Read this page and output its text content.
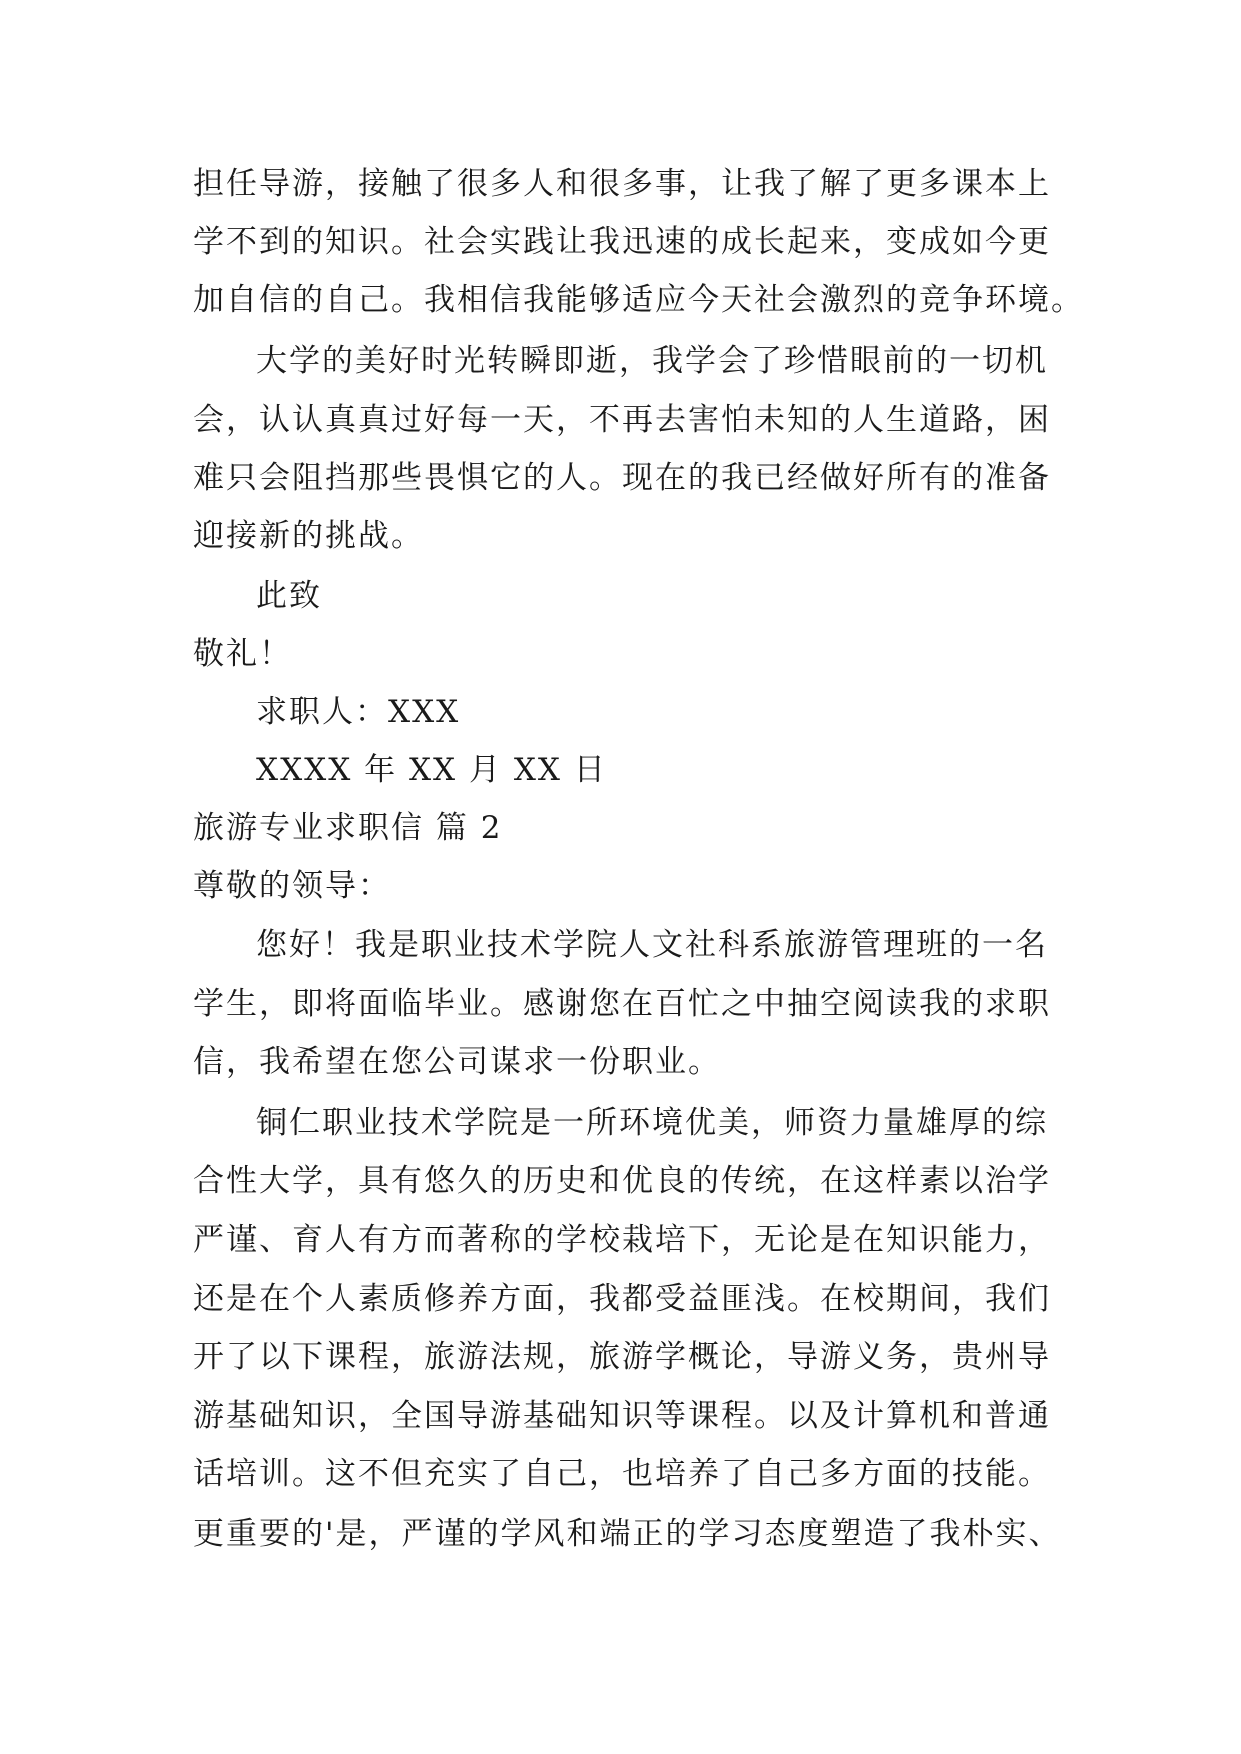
担任导游，接触了很多人和很多事，让我了解了更多课本上
学不到的知识。社会实践让我迅速的成长起来，变成如今更
加自信的自己。我相信我能够适应今天社会激烈的竞争环境。
大学的美好时光转瞬即逝，我学会了珍惜眼前的一切机
会，认认真真过好每一天，不再去害怕未知的人生道路，困
难只会阻挡那些畏惧它的人。现在的我已经做好所有的准备
迎接新的挑战。
此致
敬礼！
求职人：XXX
XXXX 年 XX 月 XX 日
旅游专业求职信 篇 2
尊敬的领导：
您好！我是职业技术学院人文社科系旅游管理班的一名
学生，即将面临毕业。感谢您在百忙之中抽空阅读我的求职
信，我希望在您公司谋求一份职业。
铜仁职业技术学院是一所环境优美，师资力量雄厚的综
合性大学，具有悠久的历史和优良的传统，在这样素以治学
严谨、育人有方而著称的学校栽培下，无论是在知识能力，
还是在个人素质修养方面，我都受益匪浅。在校期间，我们
开了以下课程，旅游法规，旅游学概论，导游义务，贵州导
游基础知识，全国导游基础知识等课程。以及计算机和普通
话培训。这不但充实了自己，也培养了自己多方面的技能。
更重要的'是，严谨的学风和端正的学习态度塑造了我朴实、
